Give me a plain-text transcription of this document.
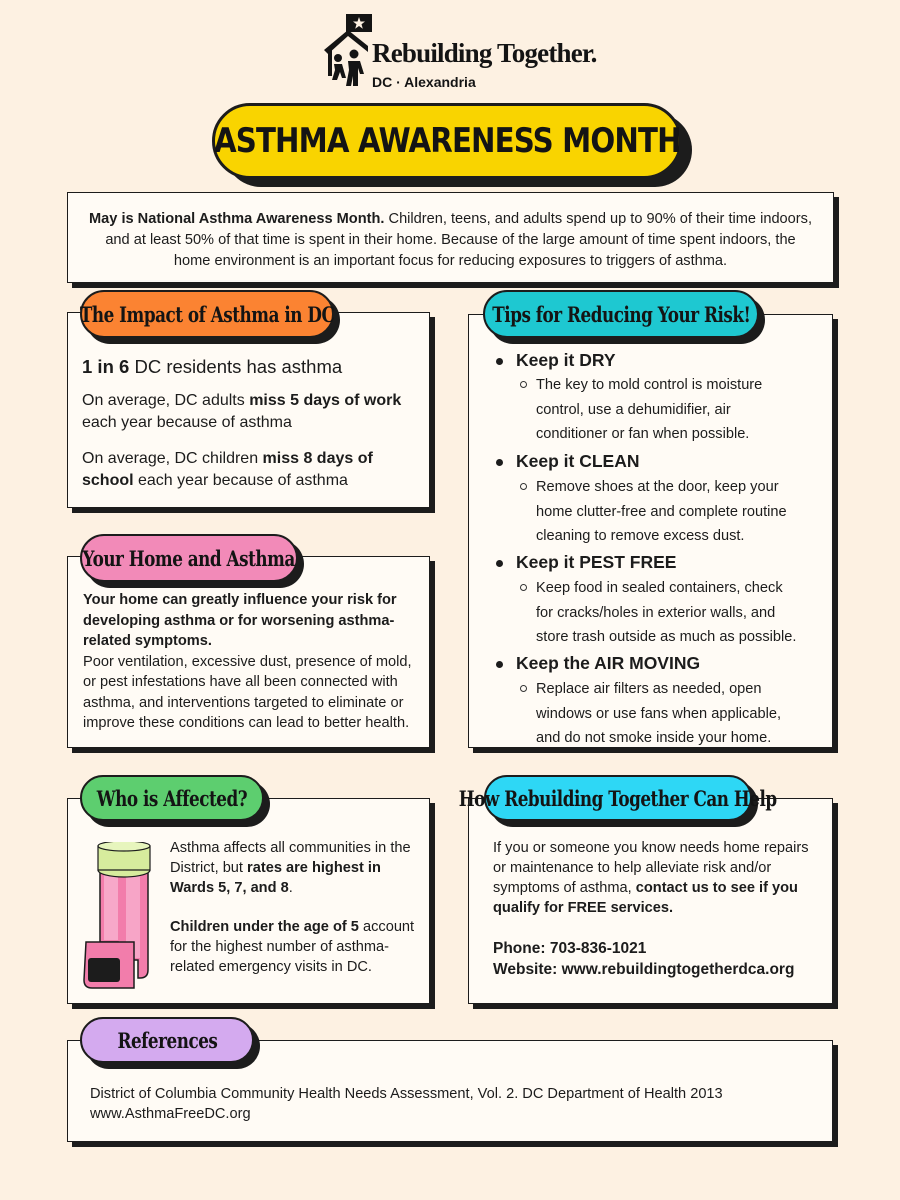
Rebuilding Together.
DC · Alexandria
ASTHMA AWARENESS MONTH
May is National Asthma Awareness Month. Children, teens, and adults spend up to 90% of their time indoors, and at least 50% of that time is spent in their home. Because of the large amount of time spent indoors, the home environment is an important focus for reducing exposures to triggers of asthma.
The Impact of Asthma in DC
1 in 6 DC residents has asthma
On average, DC adults miss 5 days of work each year because of asthma
On average, DC children miss 8 days of school each year because of asthma
Tips for Reducing Your Risk!
Keep it DRY
The key to mold control is moisture
control, use a dehumidifier, air
conditioner or fan when possible.
Keep it CLEAN
Remove shoes at the door, keep your
home clutter-free and complete routine
cleaning to remove excess dust.
Keep it PEST FREE
Keep food in sealed containers, check
for cracks/holes in exterior walls, and
store trash outside as much as possible.
Keep the AIR MOVING
Replace air filters as needed, open
windows or use fans when applicable,
and do not smoke inside your home.
Your Home and Asthma
Your home can greatly influence your risk for developing asthma or for worsening asthma-related symptoms.
Poor ventilation, excessive dust, presence of mold, or pest infestations have all been connected with asthma, and interventions targeted to eliminate or improve these conditions can lead to better health.
Who is Affected?
Asthma affects all communities in the District, but rates are highest in Wards 5, 7, and 8.
Children under the age of 5 account for the highest number of asthma-related emergency visits in DC.
How Rebuilding Together Can Help
If you or someone you know needs home repairs or maintenance to help alleviate risk and/or symptoms of asthma, contact us to see if you qualify for FREE services.
Phone: 703-836-1021
Website: www.rebuildingtogetherdca.org
References
District of Columbia Community Health Needs Assessment, Vol. 2. DC Department of Health 2013
www.AsthmaFreeDC.org
